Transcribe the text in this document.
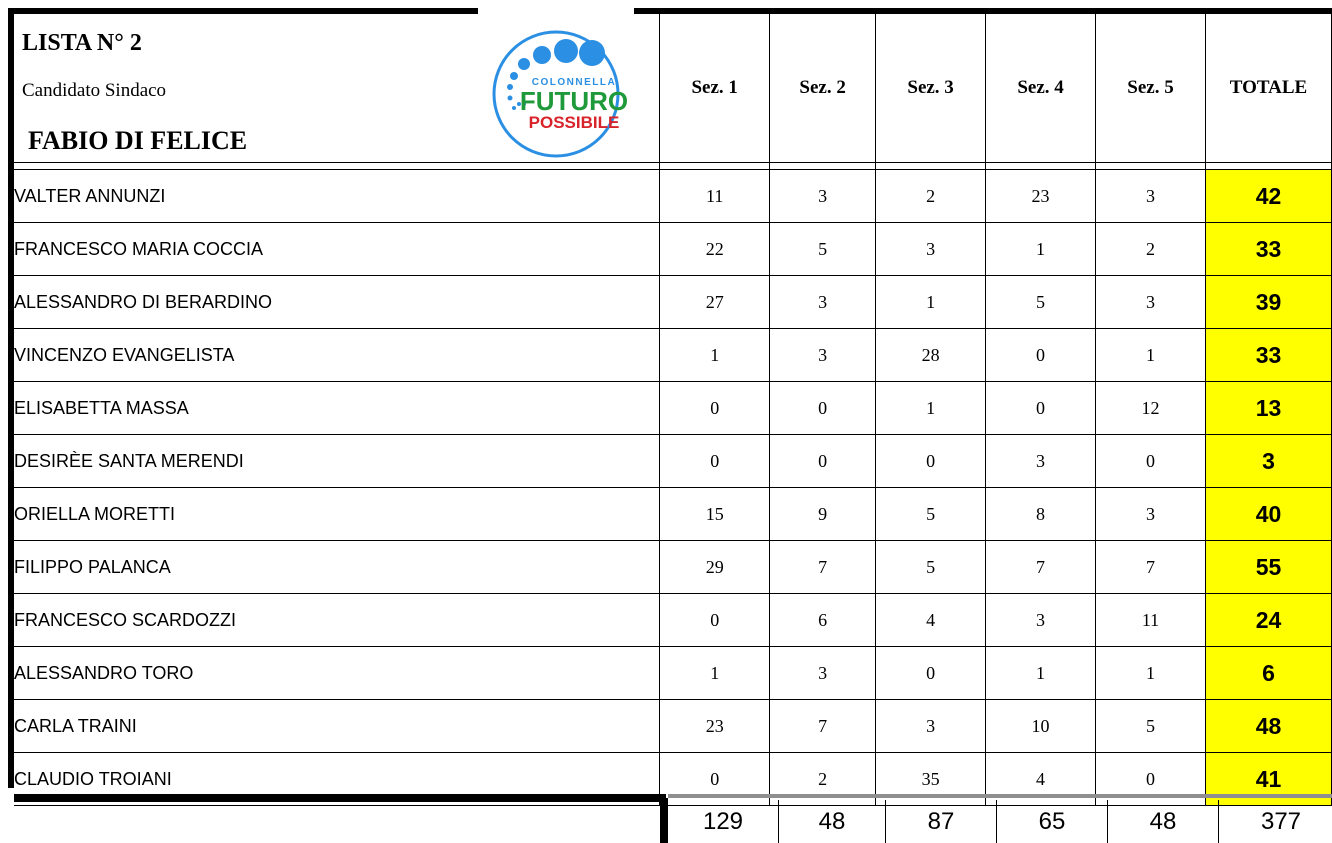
	Sez. 1	Sez. 2	Sez. 3	Sez. 4	Sez. 5	TOTALE

VALTER ANNUNZI	11	3	2	23	3	42
FRANCESCO MARIA COCCIA	22	5	3	1	2	33
ALESSANDRO DI BERARDINO	27	3	1	5	3	39
VINCENZO EVANGELISTA	1	3	28	0	1	33
ELISABETTA MASSA	0	0	1	0	12	13
DESIRÈE SANTA MERENDI	0	0	0	3	0	3
ORIELLA MORETTI	15	9	5	8	3	40
FILIPPO PALANCA	29	7	5	7	7	55
FRANCESCO SCARDOZZI	0	6	4	3	11	24
ALESSANDRO TORO	1	3	0	1	1	6
CARLA TRAINI	23	7	3	10	5	48
CLAUDIO TROIANI	0	2	35	4	0	41
LISTA N° 2
Candidato Sindaco
FABIO DI FELICE
COLONNELLA
FUTURO
POSSIBILE
129	48	87	65	48	377
